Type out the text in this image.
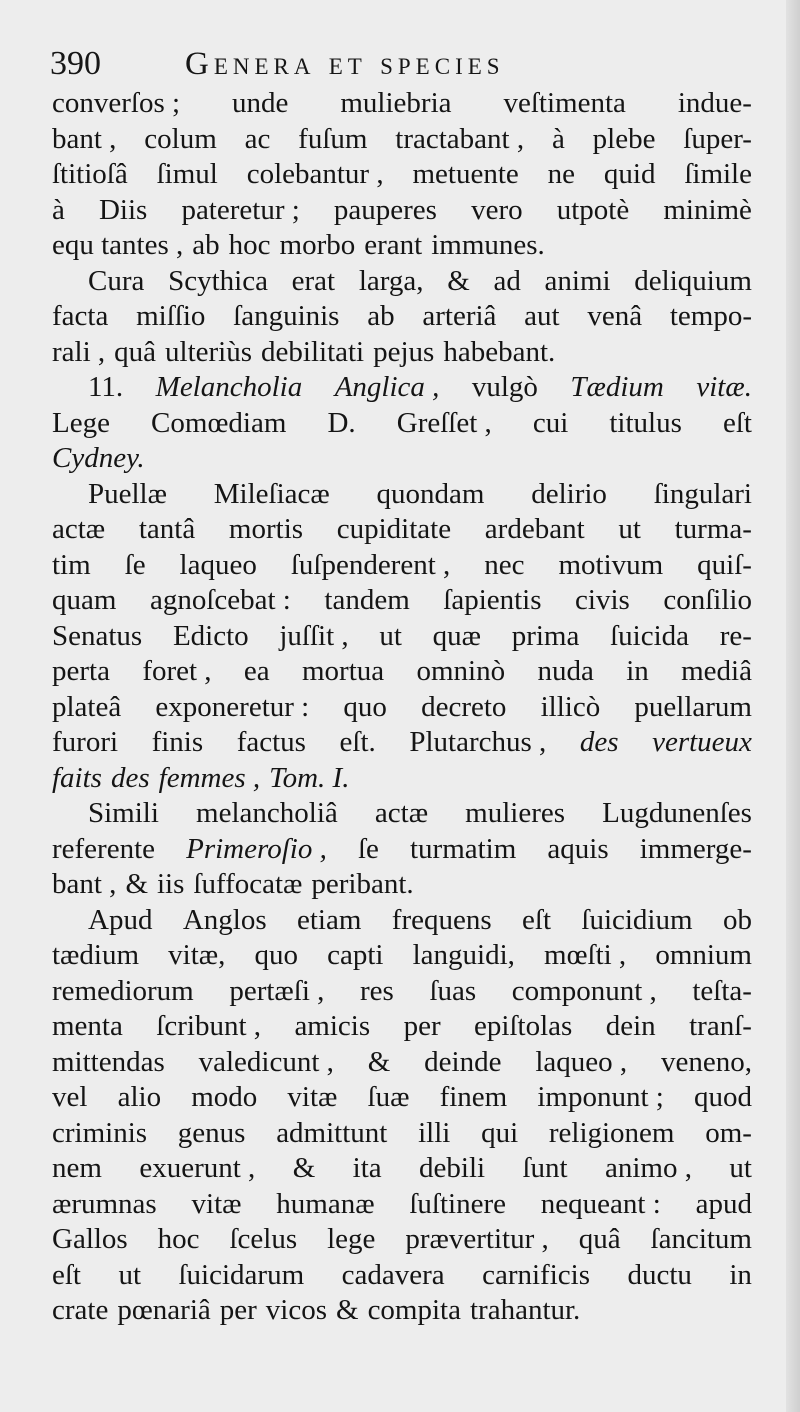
390	Genera et species
converſos ; unde muliebria veſtimenta indue-
bant , colum ac fuſum tractabant , à plebe ſuper-
ſtitioſâ ſimul colebantur , metuente ne quid ſimile
à Diis pateretur ; pauperes vero utpotè minimè
equ tantes , ab hoc morbo erant immunes.
Cura Scythica erat larga, & ad animi deliquium
facta miſſio ſanguinis ab arteriâ aut venâ tempo-
rali , quâ ulteriùs debilitati pejus habebant.
11. Melancholia Anglica , vulgò Tædium vitæ.
Lege Comœdiam D. Greſſet , cui titulus eſt
Cydney.
Puellæ Mileſiacæ quondam delirio ſingulari
actæ tantâ mortis cupiditate ardebant ut turma-
tim ſe laqueo ſuſpenderent , nec motivum quiſ-
quam agnoſcebat : tandem ſapientis civis conſilio
Senatus Edicto juſſit , ut quæ prima ſuicida re-
perta foret , ea mortua omninò nuda in mediâ
plateâ exponeretur : quo decreto illicò puellarum
furori finis factus eſt. Plutarchus , des vertueux
faits des femmes , Tom. I.
Simili melancholiâ actæ mulieres Lugdunenſes
referente Primeroſio , ſe turmatim aquis immerge-
bant , & iis ſuffocatæ peribant.
Apud Anglos etiam frequens eſt ſuicidium ob
tædium vitæ, quo capti languidi, mœſti , omnium
remediorum pertæſi , res ſuas componunt , teſta-
menta ſcribunt , amicis per epiſtolas dein tranſ-
mittendas valedicunt , & deinde laqueo , veneno,
vel alio modo vitæ ſuæ finem imponunt ; quod
criminis genus admittunt illi qui religionem om-
nem exuerunt , & ita debili ſunt animo , ut
ærumnas vitæ humanæ ſuſtinere nequeant : apud
Gallos hoc ſcelus lege prævertitur , quâ ſancitum
eſt ut ſuicidarum cadavera carnificis ductu in
crate pœnariâ per vicos & compita trahantur.
